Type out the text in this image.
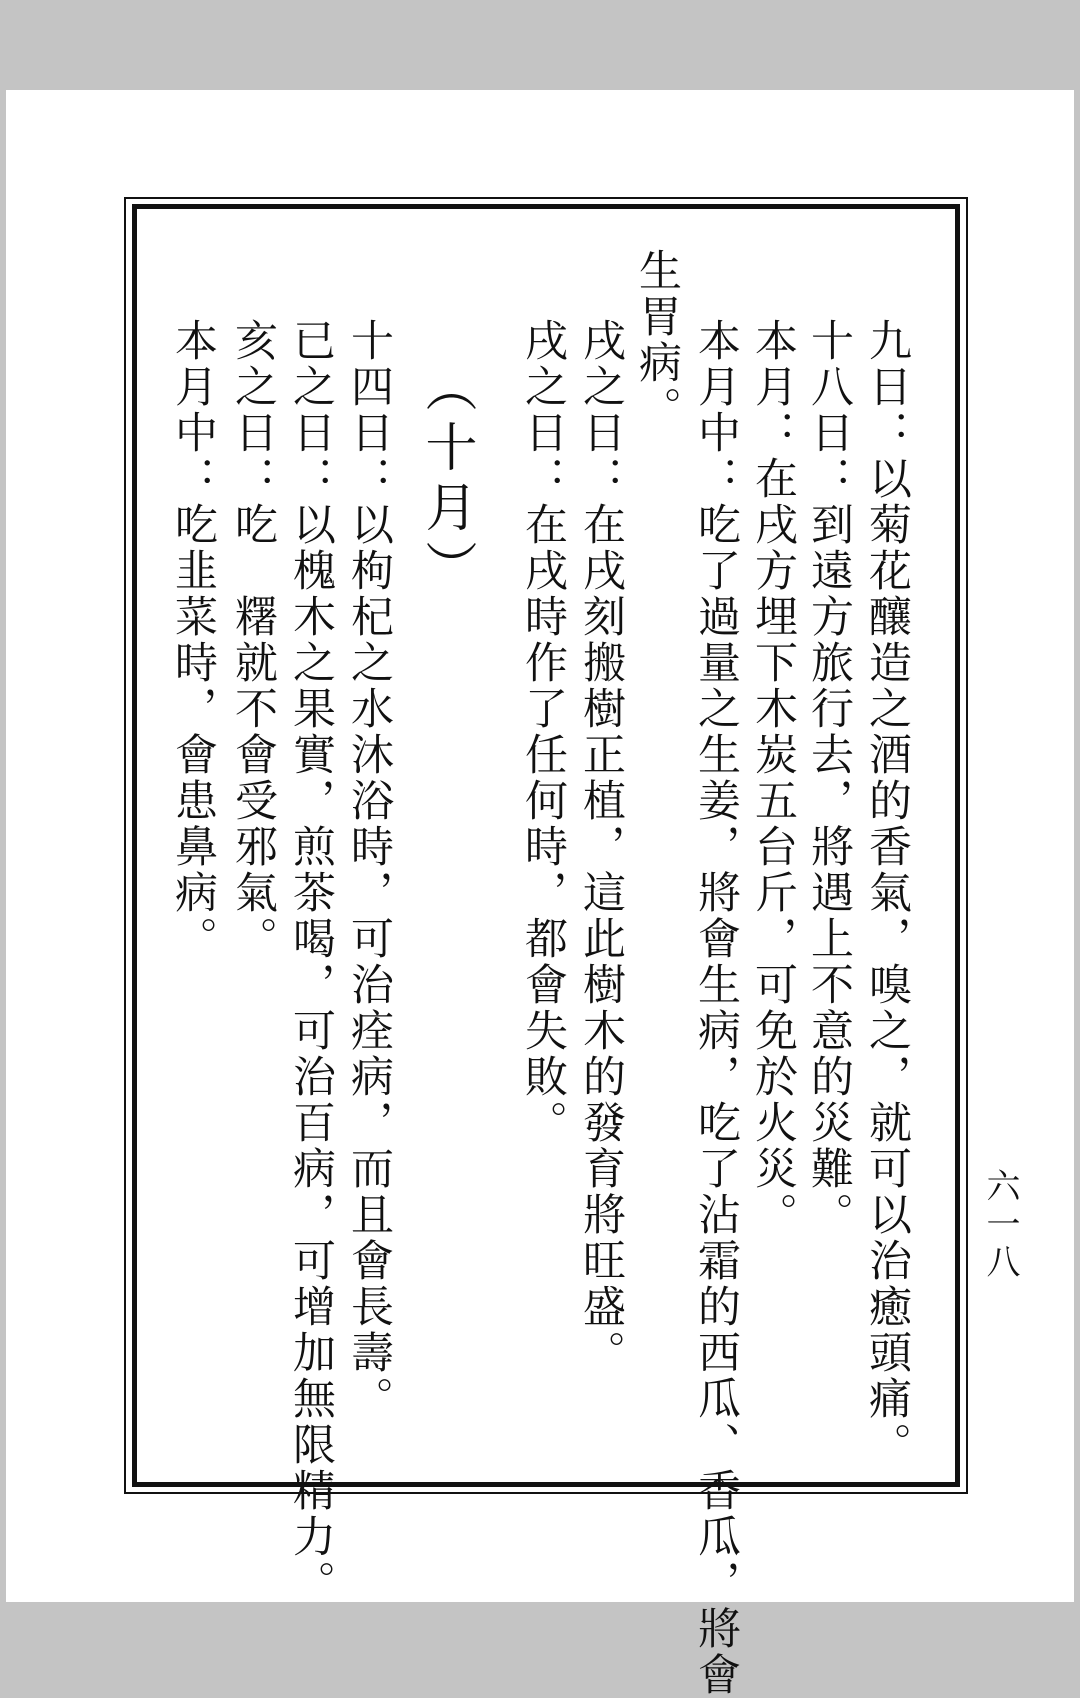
九日：以菊花釀造之酒的香氣，嗅之，就可以治癒頭痛。
十八日：到遠方旅行去，將遇上不意的災難。
本月：在戌方埋下木炭五台斤，可免於火災。
本月中：吃了過量之生姜，將會生病，吃了沾霜的西瓜、香瓜，將會
生胃病。
戌之日：在戌刻搬樹正植，這此樹木的發育將旺盛。
戌之日：在戌時作了任何時，都會失敗。
（十月）
十四日：以枸杞之水沐浴時，可治痊病，而且會長壽。
已之日：以槐木之果實，煎茶喝，可治百病，可增加無限精力。
亥之日：吃　糬就不會受邪氣。
本月中：吃韭菜時，會患鼻病。
六一八
